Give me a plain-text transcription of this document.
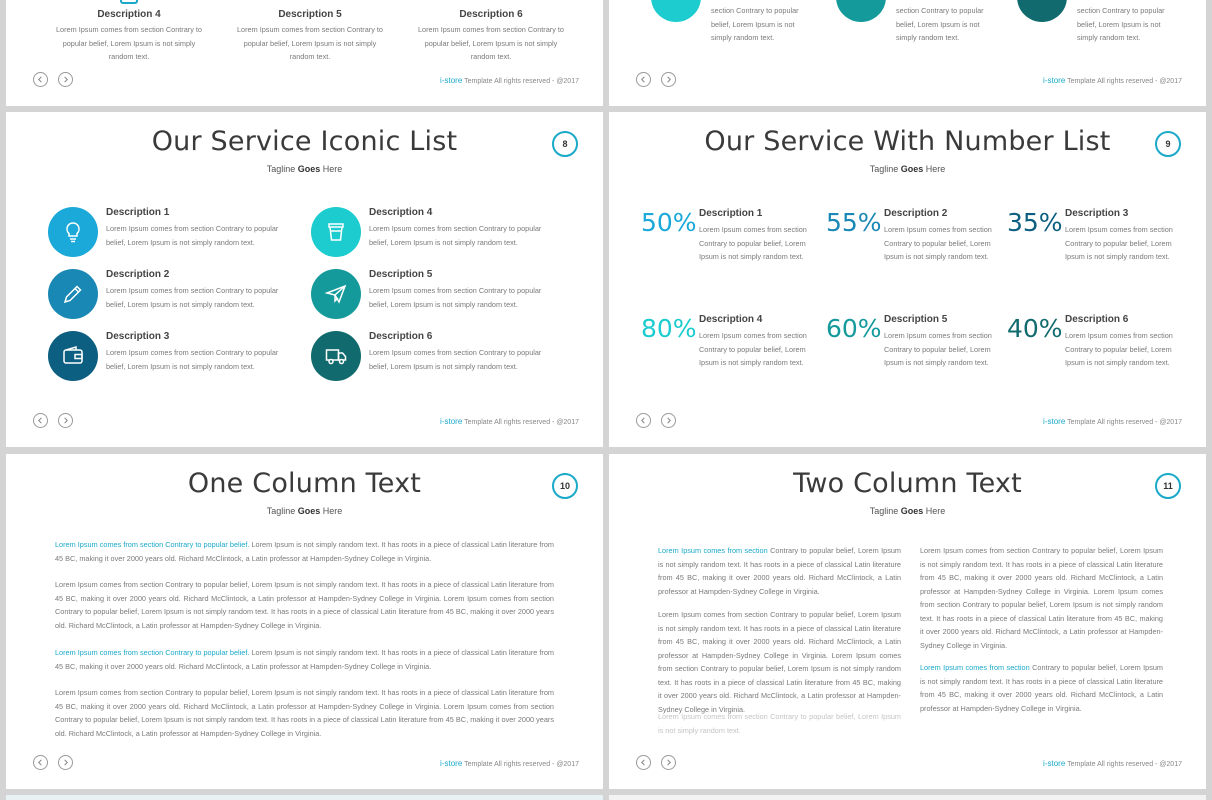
Description 4
Lorem Ipsum comes from section Contrary to popular belief, Lorem Ipsum is not simply random text.
Description 5
Lorem Ipsum comes from section Contrary to popular belief, Lorem Ipsum is not simply random text.
Description 6
Lorem Ipsum comes from section Contrary to popular belief, Lorem Ipsum is not simply random text.
i-store Template All rights reserved - @2017
section Contrary to popular belief, Lorem Ipsum is not simply random text.
section Contrary to popular belief, Lorem Ipsum is not simply random text.
section Contrary to popular belief, Lorem Ipsum is not simply random text.
i-store Template All rights reserved - @2017
Our Service Iconic List
Tagline Goes Here
8
Description 1
Lorem Ipsum comes from section Contrary to popular belief, Lorem Ipsum is not simply random text.
Description 2
Lorem Ipsum comes from section Contrary to popular belief, Lorem Ipsum is not simply random text.
Description 3
Lorem Ipsum comes from section Contrary to popular belief, Lorem Ipsum is not simply random text.
Description 4
Lorem Ipsum comes from section Contrary to popular belief, Lorem Ipsum is not simply random text.
Description 5
Lorem Ipsum comes from section Contrary to popular belief, Lorem Ipsum is not simply random text.
Description 6
Lorem Ipsum comes from section Contrary to popular belief, Lorem Ipsum is not simply random text.
i-store Template All rights reserved - @2017
Our Service With Number List
Tagline Goes Here
9
50% Description 1
Lorem Ipsum comes from section Contrary to popular belief, Lorem Ipsum is not simply random text.
55% Description 2
Lorem Ipsum comes from section Contrary to popular belief, Lorem Ipsum is not simply random text.
35% Description 3
Lorem Ipsum comes from section Contrary to popular belief, Lorem Ipsum is not simply random text.
80% Description 4
Lorem Ipsum comes from section Contrary to popular belief, Lorem Ipsum is not simply random text.
60% Description 5
Lorem Ipsum comes from section Contrary to popular belief, Lorem Ipsum is not simply random text.
40% Description 6
Lorem Ipsum comes from section Contrary to popular belief, Lorem Ipsum is not simply random text.
i-store Template All rights reserved - @2017
One Column Text
Tagline Goes Here
10
Lorem Ipsum comes from section Contrary to popular belief. Lorem Ipsum is not simply random text. It has roots in a piece of classical Latin literature from 45 BC, making it over 2000 years old. Richard McClintock, a Latin professor at Hampden-Sydney College in Virginia.
Lorem Ipsum comes from section Contrary to popular belief, Lorem Ipsum is not simply random text. It has roots in a piece of classical Latin literature from 45 BC, making it over 2000 years old. Richard McClintock, a Latin professor at Hampden-Sydney College in Virginia. Lorem Ipsum comes from section Contrary to popular belief, Lorem Ipsum is not simply random text. It has roots in a piece of classical Latin literature from 45 BC, making it over 2000 years old. Richard McClintock, a Latin professor at Hampden-Sydney College in Virginia.
Lorem Ipsum comes from section Contrary to popular belief. Lorem Ipsum is not simply random text. It has roots in a piece of classical Latin literature from 45 BC, making it over 2000 years old. Richard McClintock, a Latin professor at Hampden-Sydney College in Virginia.
Lorem Ipsum comes from section Contrary to popular belief, Lorem Ipsum is not simply random text. It has roots in a piece of classical Latin literature from 45 BC, making it over 2000 years old. Richard McClintock, a Latin professor at Hampden-Sydney College in Virginia. Lorem Ipsum comes from section Contrary to popular belief, Lorem Ipsum is not simply random text. It has roots in a piece of classical Latin literature from 45 BC, making it over 2000 years old. Richard McClintock, a Latin professor at Hampden-Sydney College in Virginia.
i-store Template All rights reserved - @2017
Two Column Text
Tagline Goes Here
11
Lorem Ipsum comes from section Contrary to popular belief, Lorem Ipsum is not simply random text. It has roots in a piece of classical Latin literature from 45 BC, making it over 2000 years old. Richard McClintock, a Latin professor at Hampden-Sydney College in Virginia.
Lorem Ipsum comes from section Contrary to popular belief, Lorem Ipsum is not simply random text. It has roots in a piece of classical Latin literature from 45 BC, making it over 2000 years old. Richard McClintock, a Latin professor at Hampden-Sydney College in Virginia. Lorem Ipsum comes from section Contrary to popular belief, Lorem Ipsum is not simply random text. It has roots in a piece of classical Latin literature from 45 BC, making it over 2000 years old. Richard McClintock, a Latin professor at Hampden-Sydney College in Virginia.
Lorem Ipsum comes from section Contrary to popular belief, Lorem Ipsum is not simply random text.
Lorem Ipsum comes from section Contrary to popular belief, Lorem Ipsum is not simply random text. It has roots in a piece of classical Latin literature from 45 BC, making it over 2000 years old. Richard McClintock, a Latin professor at Hampden-Sydney College in Virginia. Lorem Ipsum comes from section Contrary to popular belief, Lorem Ipsum is not simply random text. It has roots in a piece of classical Latin literature from 45 BC, making it over 2000 years old. Richard McClintock, a Latin professor at Hampden-Sydney College in Virginia.
Lorem Ipsum comes from section Contrary to popular belief, Lorem Ipsum is not simply random text. It has roots in a piece of classical Latin literature from 45 BC, making it over 2000 years old. Richard McClintock, a Latin professor at Hampden-Sydney College in Virginia.
i-store Template All rights reserved - @2017
